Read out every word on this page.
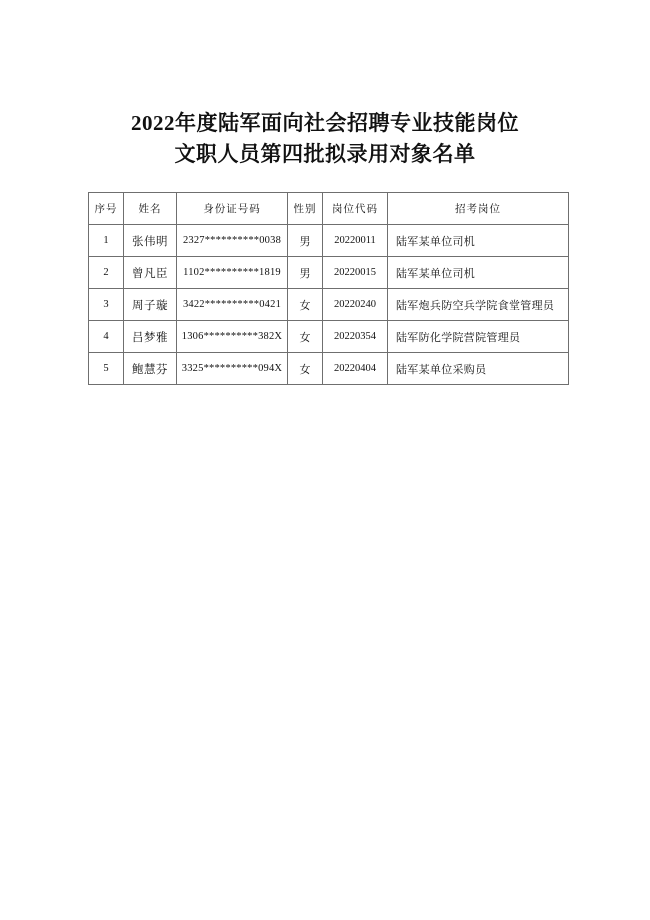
2022年度陆军面向社会招聘专业技能岗位
文职人员第四批拟录用对象名单
序号	姓名	身份证号码	性别	岗位代码	招考岗位
1	张伟明	2327**********0038	男	20220011	陆军某单位司机
2	曾凡臣	1102**********1819	男	20220015	陆军某单位司机
3	周子璇	3422**********0421	女	20220240	陆军炮兵防空兵学院食堂管理员
4	吕梦雅	1306**********382X	女	20220354	陆军防化学院营院管理员
5	鲍慧芬	3325**********094X	女	20220404	陆军某单位采购员
